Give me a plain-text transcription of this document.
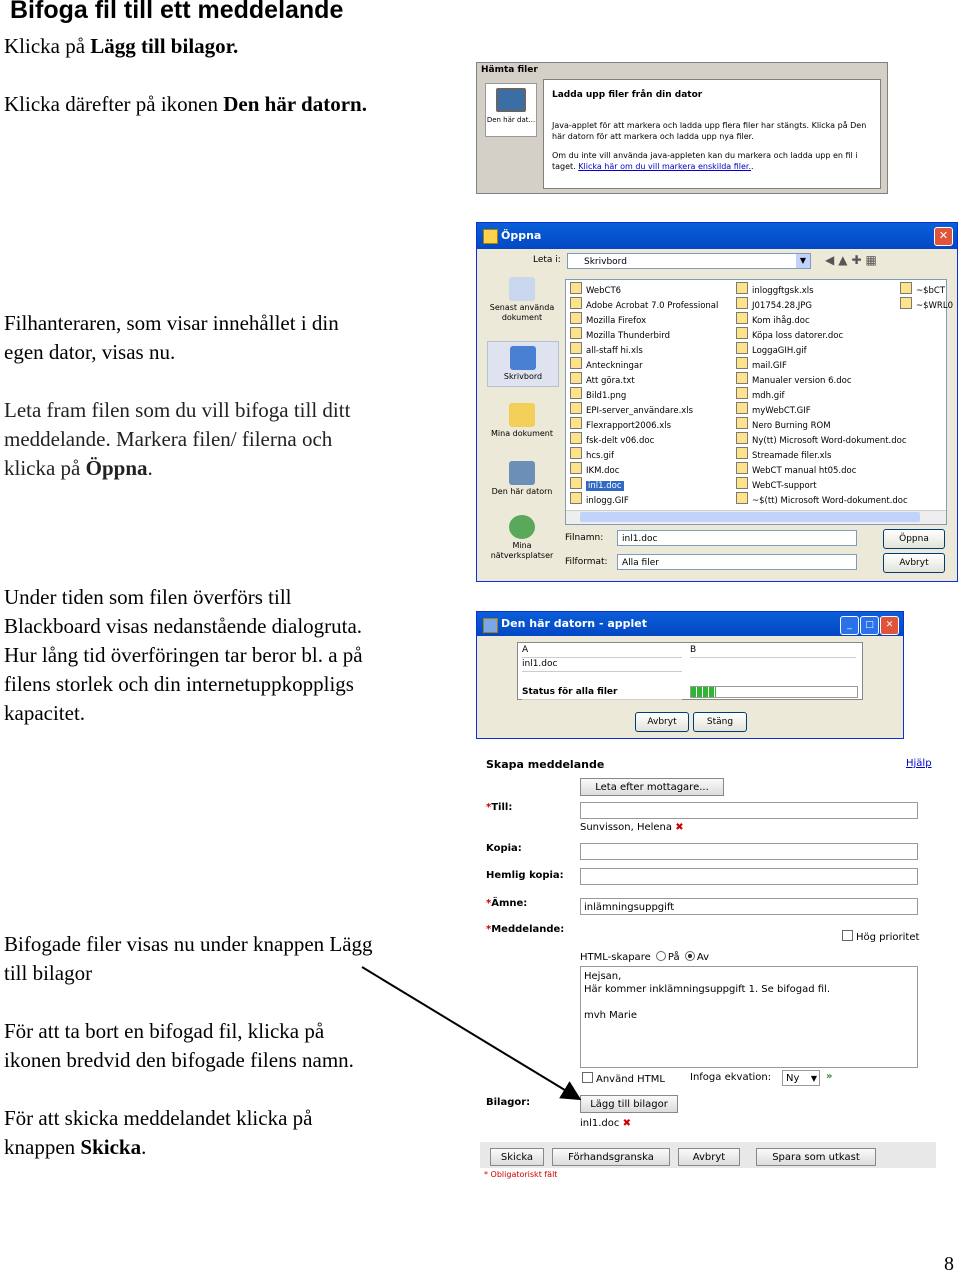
Bifoga fil till ett meddelande

Klicka på Lägg till bilagor.

Klicka därefter på ikonen Den här datorn.

Filhanteraren, som visar innehållet i din
egen dator, visas nu.

Leta fram filen som du vill bifoga till ditt
meddelande. Markera filen/ filerna och
klicka på Öppna.

Under tiden som filen överförs till
Blackboard visas nedanstående dialogruta.
Hur lång tid överföringen tar beror bl. a på
filens storlek och din internetuppkoppligs
kapacitet.

Bifogade filer visas nu under knappen Lägg
till bilagor

För att ta bort en bifogad fil, klicka på
ikonen bredvid den bifogade filens namn.

För att skicka meddelandet klicka på
knappen Skicka.

Hämta filer
Den här dat...
Ladda upp filer från din dator
Java-applet för att markera och ladda upp flera filer har stängts. Klicka på Den här datorn för att markera och ladda upp nya filer.
Om du inte vill använda java-appleten kan du markera och ladda upp en fil i taget. Klicka här om du vill markera enskilda filer..
Öppna	✕
Leta i:	Skrivbord	▼	◀▲✚▦
Senast använda dokument
Skrivbord
Mina dokument
Den här datorn
Mina nätverksplatser
WebCT6
Adobe Acrobat 7.0 Professional
Mozilla Firefox
Mozilla Thunderbird
all-staff hi.xls
Anteckningar
Att göra.txt
Bild1.png
EPI-server_användare.xls
Flexrapport2006.xls
fsk-delt v06.doc
hcs.gif
IKM.doc
inl1.doc
inlogg.GIF
inloggftgsk.xls
J01754.28.JPG
Kom ihåg.doc
Köpa loss datorer.doc
LoggaGIH.gif
mail.GIF
Manualer version 6.doc
mdh.gif
myWebCT.GIF
Nero Burning ROM
Ny(tt) Microsoft Word-dokument.doc
Streamade filer.xls
WebCT manual ht05.doc
WebCT-support
~$(tt) Microsoft Word-dokument.doc
~$bCT
~$WRL0
Filnamn:	inl1.doc
Filformat:	Alla filer
Öppna
Avbryt
Den här datorn - applet	_ □ ✕
A	B
inl1.doc
Status för alla filer
Avbryt	Stäng
Skapa meddelande	Hjälp
Leta efter mottagare...
*Till:
Sunvisson, Helena ✖
Kopia:
Hemlig kopia:
*Ämne:	inlämningsuppgift
*Meddelande:
Hög prioritet
HTML-skapare På Av
Hejsan,
Här kommer inklämningsuppgift 1. Se bifogad fil.

mvh Marie
Använd HTML	Infoga ekvation:	Ny ▼ »
Bilagor:	Lägg till bilagor
inl1.doc ✖
Skicka	Förhandsgranska	Avbryt	Spara som utkast
* Obligatoriskt fält
8
